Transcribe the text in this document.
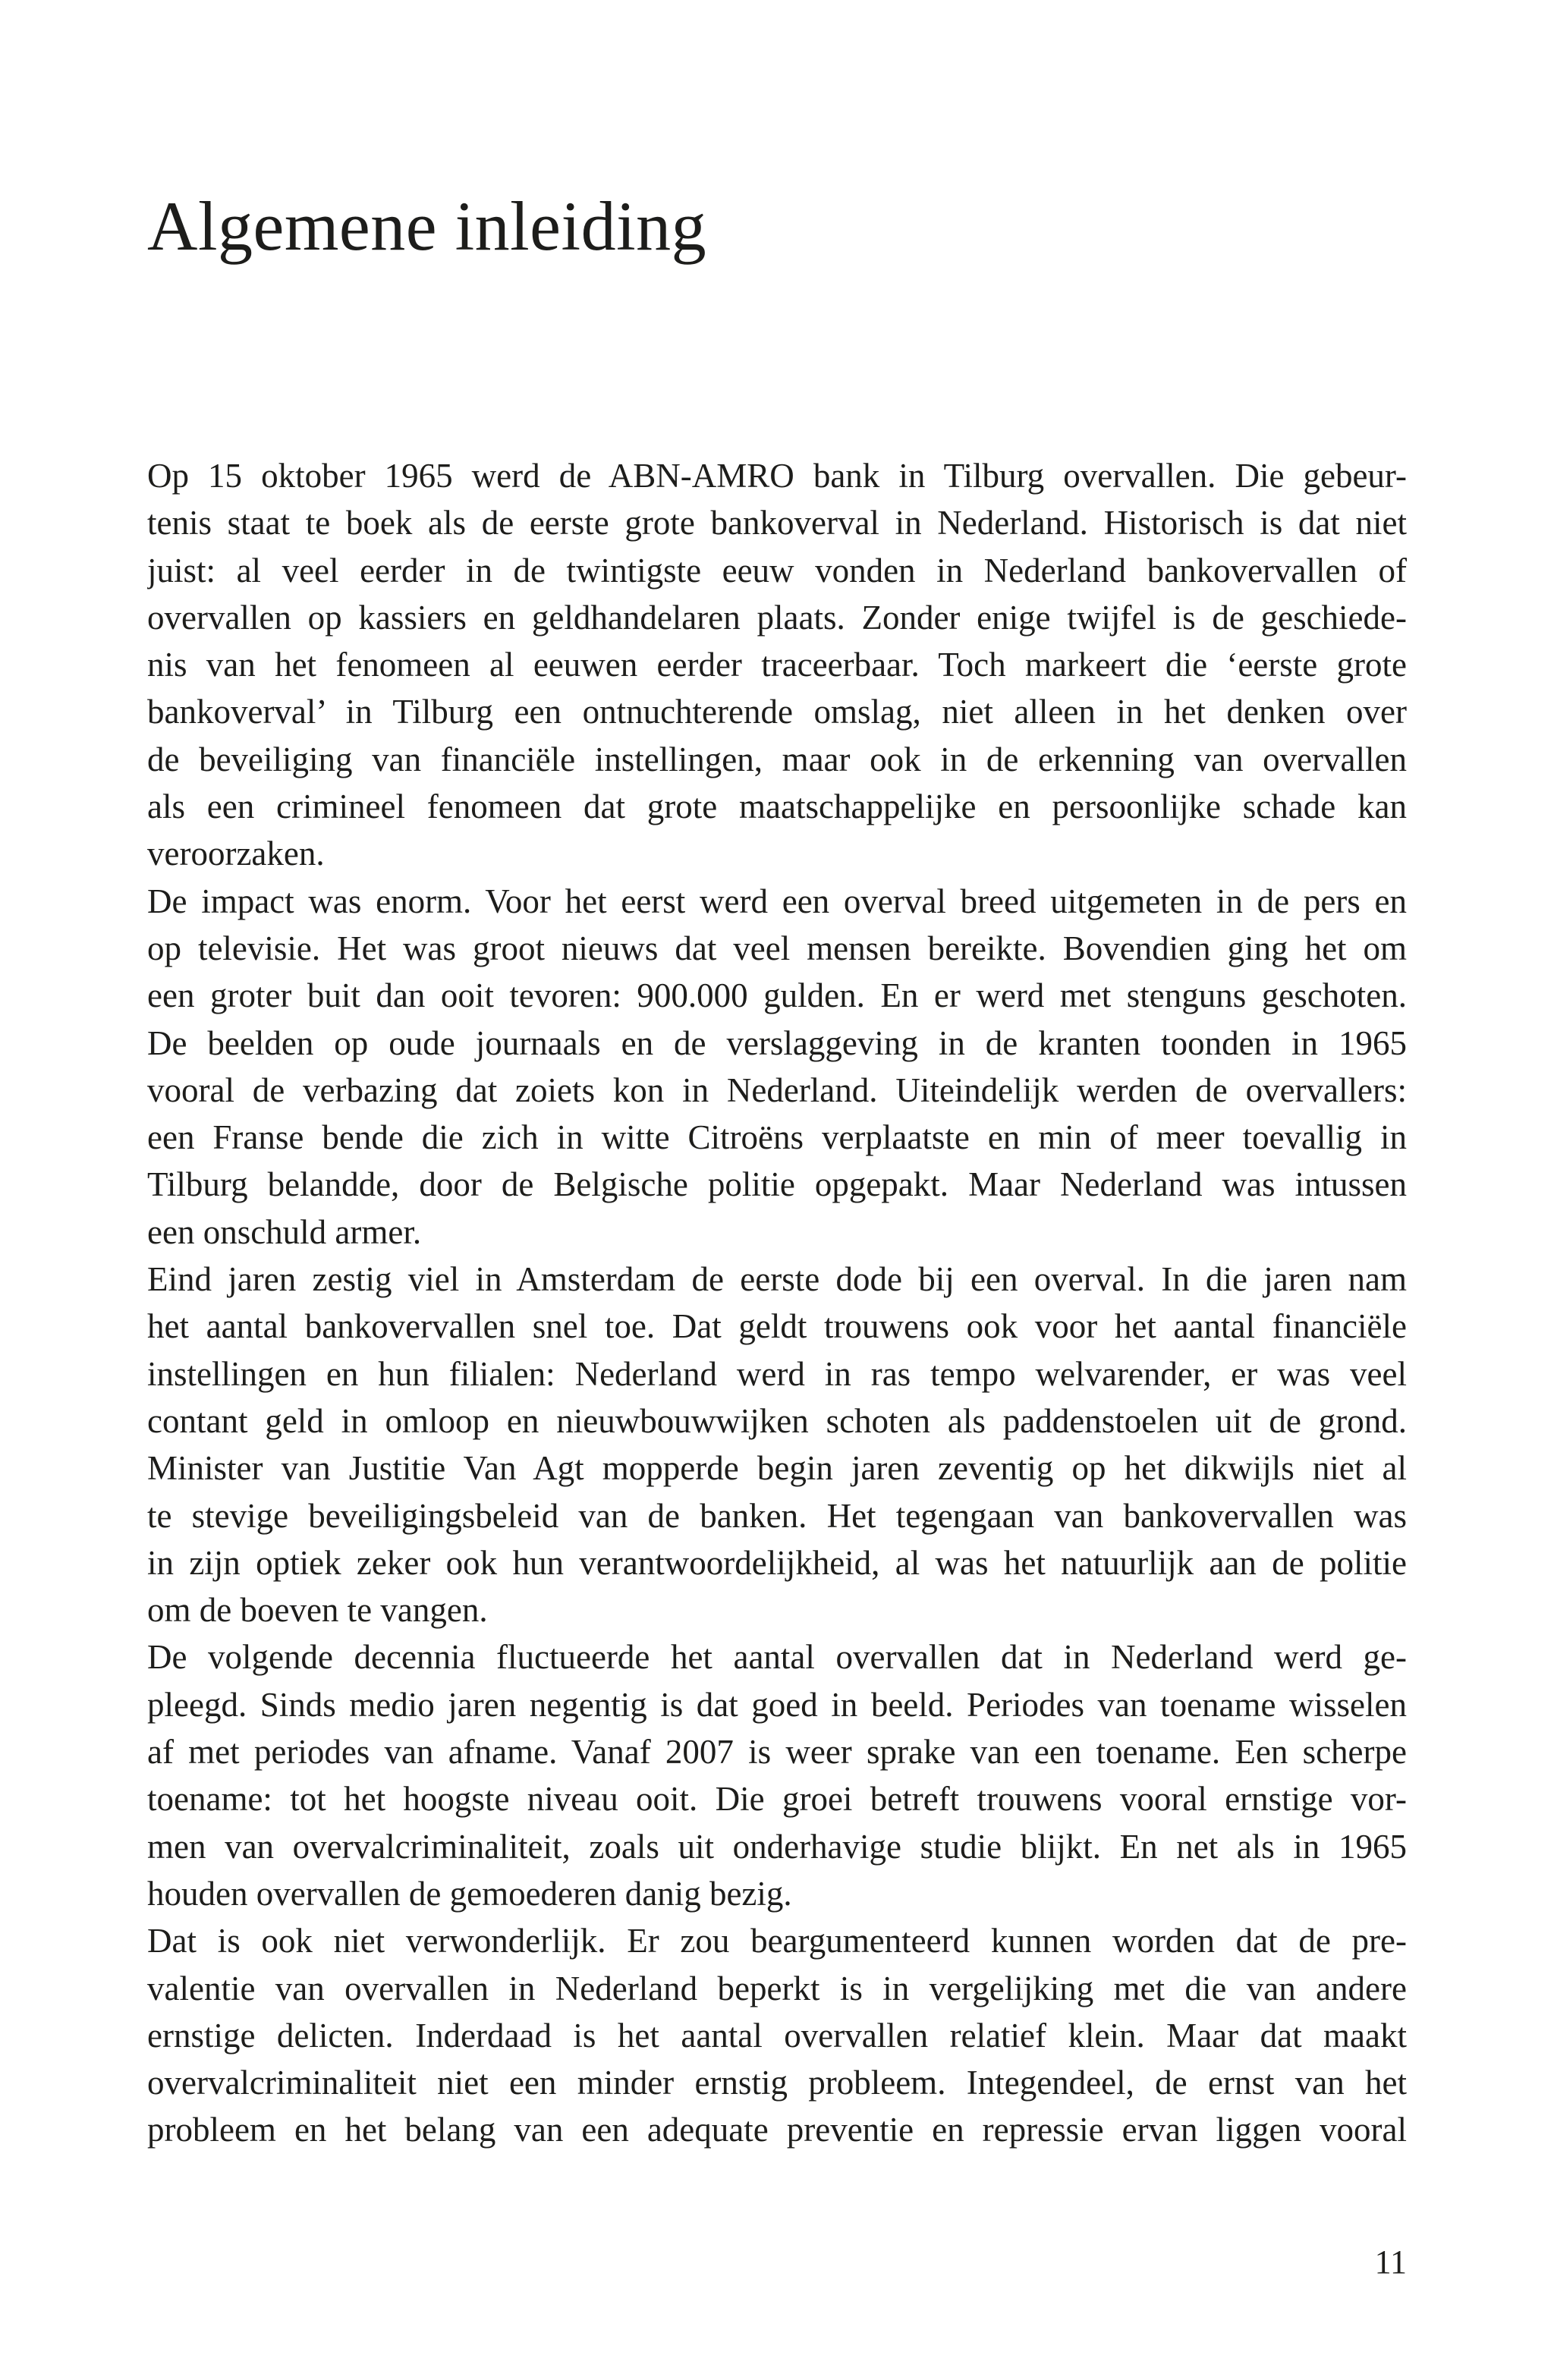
Algemene inleiding
Op 15 oktober 1965 werd de ABN-AMRO bank in Tilburg overvallen. Die gebeur-
tenis staat te boek als de eerste grote bankoverval in Nederland. Historisch is dat niet
juist: al veel eerder in de twintigste eeuw vonden in Nederland bankovervallen of
overvallen op kassiers en geldhandelaren plaats. Zonder enige twijfel is de geschiede-
nis van het fenomeen al eeuwen eerder traceerbaar. Toch markeert die ‘eerste grote
bankoverval’ in Tilburg een ontnuchterende omslag, niet alleen in het denken over
de beveiliging van financiële instellingen, maar ook in de erkenning van overvallen
als een crimineel fenomeen dat grote maatschappelijke en persoonlijke schade kan
veroorzaken.
De impact was enorm. Voor het eerst werd een overval breed uitgemeten in de pers en
op televisie. Het was groot nieuws dat veel mensen bereikte. Bovendien ging het om
een groter buit dan ooit tevoren: 900.000 gulden. En er werd met stenguns geschoten.
De beelden op oude journaals en de verslaggeving in de kranten toonden in 1965
vooral de verbazing dat zoiets kon in Nederland. Uiteindelijk werden de overvallers:
een Franse bende die zich in witte Citroëns verplaatste en min of meer toevallig in
Tilburg belandde, door de Belgische politie opgepakt. Maar Nederland was intussen
een onschuld armer.
Eind jaren zestig viel in Amsterdam de eerste dode bij een overval. In die jaren nam
het aantal bankovervallen snel toe. Dat geldt trouwens ook voor het aantal financiële
instellingen en hun filialen: Nederland werd in ras tempo welvarender, er was veel
contant geld in omloop en nieuwbouwwijken schoten als paddenstoelen uit de grond.
Minister van Justitie Van Agt mopperde begin jaren zeventig op het dikwijls niet al
te stevige beveiligingsbeleid van de banken. Het tegengaan van bankovervallen was
in zijn optiek zeker ook hun verantwoordelijkheid, al was het natuurlijk aan de politie
om de boeven te vangen.
De volgende decennia fluctueerde het aantal overvallen dat in Nederland werd ge-
pleegd. Sinds medio jaren negentig is dat goed in beeld. Periodes van toename wisselen
af met periodes van afname. Vanaf 2007 is weer sprake van een toename. Een scherpe
toename: tot het hoogste niveau ooit. Die groei betreft trouwens vooral ernstige vor-
men van overvalcriminaliteit, zoals uit onderhavige studie blijkt. En net als in 1965
houden overvallen de gemoederen danig bezig.
Dat is ook niet verwonderlijk. Er zou beargumenteerd kunnen worden dat de pre-
valentie van overvallen in Nederland beperkt is in vergelijking met die van andere
ernstige delicten. Inderdaad is het aantal overvallen relatief klein. Maar dat maakt
overvalcriminaliteit niet een minder ernstig probleem. Integendeel, de ernst van het
probleem en het belang van een adequate preventie en repressie ervan liggen vooral
11
